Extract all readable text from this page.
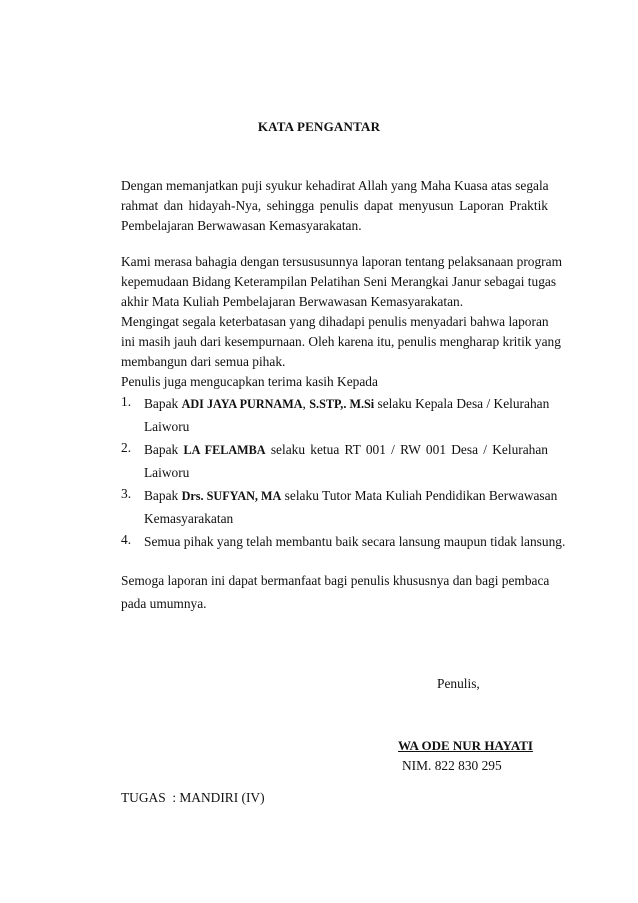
KATA PENGANTAR
Dengan memanjatkan puji syukur kehadirat Allah yang Maha Kuasa atas segala
rahmat dan hidayah-Nya, sehingga penulis dapat menyusun Laporan Praktik
Pembelajaran Berwawasan Kemasyarakatan.
Kami merasa bahagia dengan tersususunnya laporan tentang pelaksanaan program
kepemudaan Bidang Keterampilan Pelatihan Seni Merangkai Janur sebagai tugas
akhir Mata Kuliah Pembelajaran Berwawasan Kemasyarakatan.
Mengingat segala keterbatasan yang dihadapi penulis menyadari bahwa laporan
ini masih jauh dari kesempurnaan. Oleh karena itu, penulis mengharap kritik yang
membangun dari semua pihak.
Penulis juga mengucapkan terima kasih Kepada
1. Bapak ADI JAYA PURNAMA, S.STP,. M.Si selaku Kepala Desa / Kelurahan
Laiworu
2. Bapak LA FELAMBA selaku ketua RT 001 / RW 001 Desa / Kelurahan
Laiworu
3. Bapak Drs. SUFYAN, MA selaku Tutor Mata Kuliah Pendidikan Berwawasan
Kemasyarakatan
4. Semua pihak yang telah membantu baik secara lansung maupun tidak lansung.
Semoga laporan ini dapat bermanfaat bagi penulis khususnya dan bagi pembaca
pada umumnya.
Penulis,
WA ODE NUR HAYATI
NIM. 822 830 295
TUGAS  : MANDIRI (IV)
